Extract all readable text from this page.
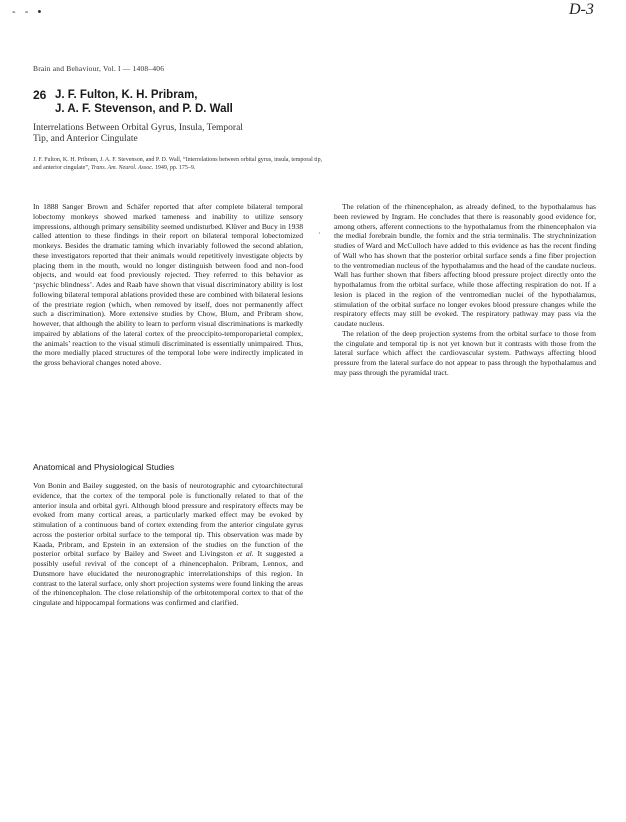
- - •	D-3
Brain and Behaviour, Vol. I — 1408–406
26 J. F. Fulton, K. H. Pribram,
J. A. F. Stevenson, and P. D. Wall
Interrelations Between Orbital Gyrus, Insula, Temporal
Tip, and Anterior Cingulate
J. F. Fulton, K. H. Pribram, J. A. F. Stevenson, and P. D. Wall, “Interrelations between orbital gyrus, insula, temporal tip, and anterior cingulate”, Trans. Am. Neurol. Assoc. 1949, pp. 175–9.

In 1888 Sanger Brown and Schäfer reported that after complete bilateral temporal lobectomy monkeys showed marked tameness and inability to utilize sensory impressions, although primary sensibility seemed undisturbed. Klüver and Bucy in 1938 called attention to these findings in their report on bilateral temporal lobectomized monkeys. Besides the dramatic taming which invariably followed the second ablation, these investigators reported that their animals would repetitively investigate objects by placing them in the mouth, would no longer distinguish between food and non-food objects, and would eat food previously rejected. They referred to this behavior as ‘psychic blindness’. Ades and Raab have shown that visual discriminatory ability is lost following bilateral temporal ablations provided these are combined with bilateral lesions of the prestriate region (which, when removed by itself, does not permanently affect such a discrimination). More extensive studies by Chow, Blum, and Pribram show, however, that although the ability to learn to perform visual discriminations is markedly impaired by ablations of the lateral cortex of the preoccipito-temporoparietal complex, the animals’ reaction to the visual stimuli discriminated is essentially unimpaired. Thus, the more medially placed structures of the temporal lobe were indirectly implicated in the gross behavioral changes noted above.

·
Anatomical and Physiological Studies

Von Bonin and Bailey suggested, on the basis of neurotographic and cytoarchitectural evidence, that the cortex of the temporal pole is functionally related to that of the anterior insula and orbital gyri. Although blood pressure and respiratory effects may be evoked from many cortical areas, a particularly marked effect may be evoked by stimulation of a continuous band of cortex extending from the anterior cingulate gyrus across the posterior orbital surface to the temporal tip. This observation was made by Kaada, Pribram, and Epstein in an extension of the studies on the function of the posterior orbital surface by Bailey and Sweet and Livingston et al. It suggested a possibly useful revival of the concept of a rhinencephalon. Pribram, Lennox, and Dunsmore have elucidated the neuronographic interrelationships of this region. In contrast to the lateral surface, only short projection systems were found linking the areas of the rhinencephalon. The close relationship of the orbitotemporal cortex to that of the cingulate and hippocampal formations was confirmed and clarified.

The relation of the rhinencephalon, as already defined, to the hypothalamus has been reviewed by Ingram. He concludes that there is reasonably good evidence for, among others, afferent connections to the hypothalamus from the rhinencephalon via the medial forebrain bundle, the fornix and the stria terminalis. The strychninization studies of Ward and McCulloch have added to this evidence as has the recent finding of Wall who has shown that the posterior orbital surface sends a fine fiber projection to the ventromedian nucleus of the hypothalamus and the head of the caudate nucleus. Wall has further shown that fibers affecting blood pressure project directly onto the hypothalamus from the orbital surface, while those affecting respiration do not. If a lesion is placed in the region of the ventromedian nuclei of the hypothalamus, stimulation of the orbital surface no longer evokes blood pressure changes while the respiratory effects may still be evoked. The respiratory pathway may pass via the caudate nucleus.

The relation of the deep projection systems from the orbital surface to those from the cingulate and temporal tip is not yet known but it contrasts with those from the lateral surface which affect the cardiovascular system. Pathways affecting blood pressure from the lateral surface do not appear to pass through the hypothalamus and may pass through the pyramidal tract.
